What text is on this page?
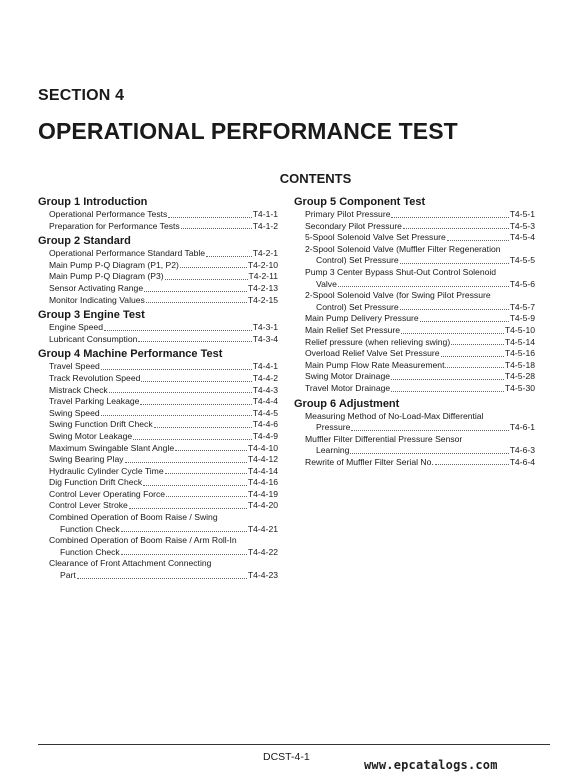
SECTION 4
OPERATIONAL PERFORMANCE TEST
CONTENTS
Group 1 Introduction
Operational Performance Tests	T4-1-1
Preparation for Performance Tests	T4-1-2
Group 2 Standard
Operational Performance Standard Table	T4-2-1
Main Pump P-Q Diagram (P1, P2)	T4-2-10
Main Pump P-Q Diagram (P3)	T4-2-11
Sensor Activating Range	T4-2-13
Monitor Indicating Values	T4-2-15
Group 3 Engine Test
Engine Speed	T4-3-1
Lubricant Consumption	T4-3-4
Group 4 Machine Performance Test
Travel Speed	T4-4-1
Track Revolution Speed	T4-4-2
Mistrack Check	T4-4-3
Travel Parking Leakage	T4-4-4
Swing Speed	T4-4-5
Swing Function Drift Check	T4-4-6
Swing Motor Leakage	T4-4-9
Maximum Swingable Slant Angle	T4-4-10
Swing Bearing Play	T4-4-12
Hydraulic Cylinder Cycle Time	T4-4-14
Dig Function Drift Check	T4-4-16
Control Lever Operating Force	T4-4-19
Control Lever Stroke	T4-4-20
Combined Operation of Boom Raise / Swing
Function Check	T4-4-21
Combined Operation of Boom Raise / Arm Roll-In
Function Check	T4-4-22
Clearance of Front Attachment Connecting
Part	T4-4-23
Group 5 Component Test
Primary Pilot Pressure	T4-5-1
Secondary Pilot Pressure	T4-5-3
5-Spool Solenoid Valve Set Pressure	T4-5-4
2-Spool Solenoid Valve (Muffler Filter Regeneration
Control) Set Pressure	T4-5-5
Pump 3 Center Bypass Shut-Out Control Solenoid
Valve	T4-5-6
2-Spool Solenoid Valve (for Swing Pilot Pressure
Control) Set Pressure	T4-5-7
Main Pump Delivery Pressure	T4-5-9
Main Relief Set Pressure	T4-5-10
Relief pressure (when relieving swing)	T4-5-14
Overload Relief Valve Set Pressure	T4-5-16
Main Pump Flow Rate Measurement	T4-5-18
Swing Motor Drainage	T4-5-28
Travel Motor Drainage	T4-5-30
Group 6 Adjustment
Measuring Method of No-Load-Max Differential
Pressure	T4-6-1
Muffler Filter Differential Pressure Sensor
Learning	T4-6-3
Rewrite of Muffler Filter Serial No.	T4-6-4
DCST-4-1
www.epcatalogs.com
